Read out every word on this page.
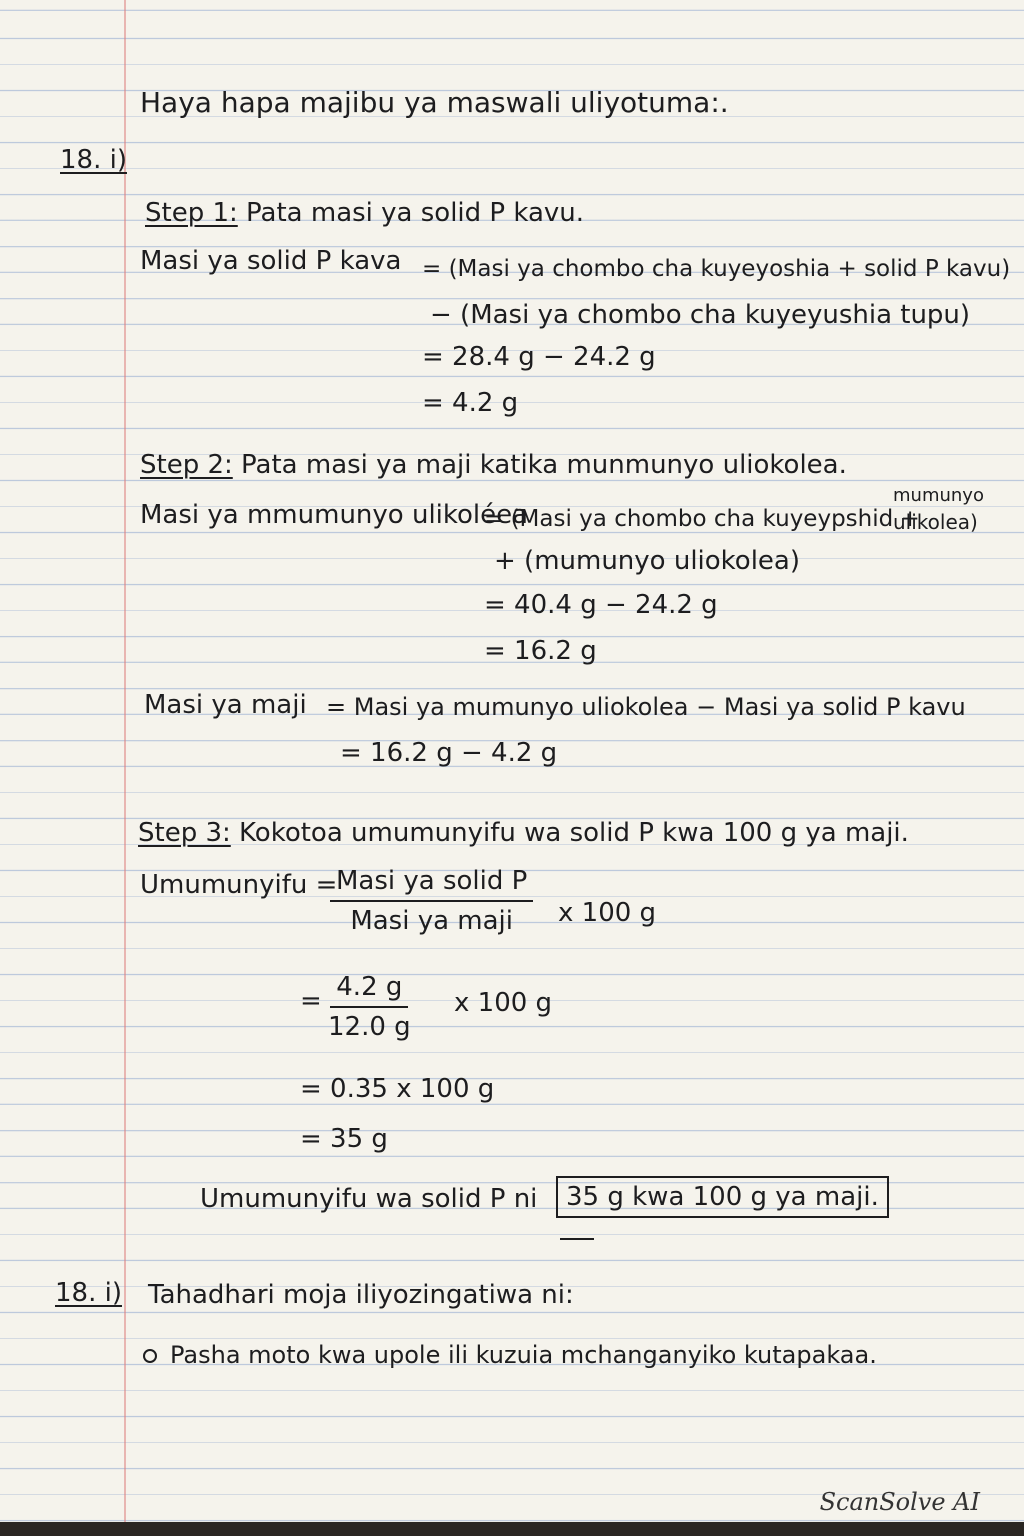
Haya hapa majibu ya maswali uliyotuma:.
18. i)
Step 1: Pata masi ya solid P kavu.
Masi ya solid P kava = (Masi ya chombo cha kuyeyoshia + solid P kavu)
− (Masi ya chombo cha kuyeyushia tupu)
= 28.4 g − 24.2 g
= 4.2 g
Step 2: Pata masi ya maji katika munmunyo uliokolea.
Masi ya mmumunyo ulikoléea
= (Masi ya chombo cha kuyeypshid +
mumunyo
ulikolea)
+ (mumunyo uliokolea)
= 40.4 g − 24.2 g
= 16.2 g
Masi ya maji = Masi ya mumunyo uliokolea − Masi ya solid P kavu
= 16.2 g − 4.2 g
Step 3: Kokotoa umumunyifu wa solid P kwa 100 g ya maji.
Umumunyifu =
Masi ya solid P
Masi ya maji x 100 g
= $\frac{4.2 g}{12.0 g}$ x 100 g
= 0.35 x 100 g
= 35 g
Umumunyifu wa solid P ni	35 g kwa 100 g ya maji.
18. i) Tahadhari moja iliyozingatiwa ni:
Pasha moto kwa upole ili kuzuia mchanganyiko kutapakaa.
ScanSolve AI
